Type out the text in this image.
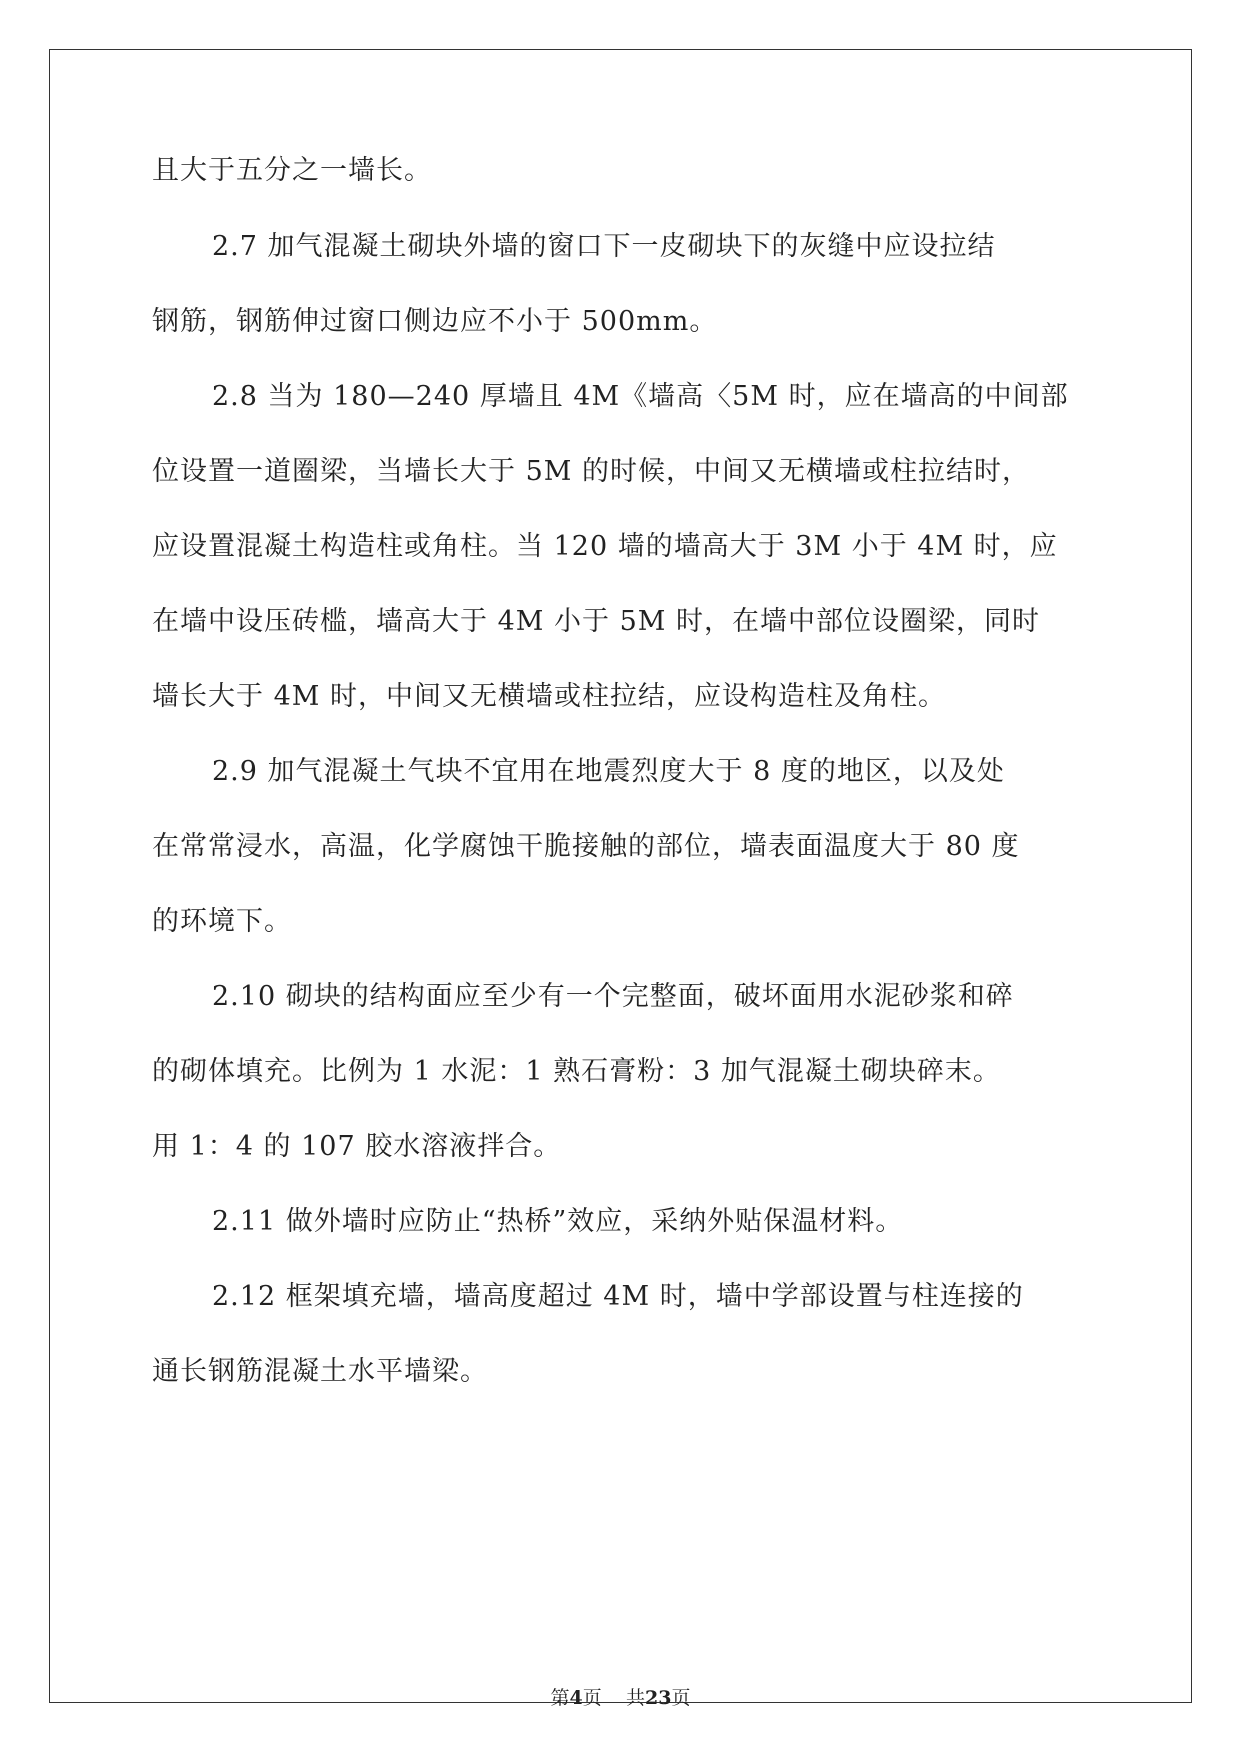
且大于五分之一墙长。
2.7 加气混凝土砌块外墙的窗口下一皮砌块下的灰缝中应设拉结
钢筋，钢筋伸过窗口侧边应不小于 500mm。
2.8 当为 180—240 厚墙且 4M《墙高〈5M 时，应在墙高的中间部
位设置一道圈梁，当墙长大于 5M 的时候，中间又无横墙或柱拉结时，
应设置混凝土构造柱或角柱。当 120 墙的墙高大于 3M 小于 4M 时，应
在墙中设压砖槛，墙高大于 4M 小于 5M 时，在墙中部位设圈梁，同时
墙长大于 4M 时，中间又无横墙或柱拉结，应设构造柱及角柱。
2.9 加气混凝土气块不宜用在地震烈度大于 8 度的地区，以及处
在常常浸水，高温，化学腐蚀干脆接触的部位，墙表面温度大于 80 度
的环境下。
2.10 砌块的结构面应至少有一个完整面，破坏面用水泥砂浆和碎
的砌体填充。比例为 1 水泥：1 熟石膏粉：3 加气混凝土砌块碎末。
用 1：4 的 107 胶水溶液拌合。
2.11 做外墙时应防止“热桥”效应，采纳外贴保温材料。
2.12 框架填充墙，墙高度超过 4M 时，墙中学部设置与柱连接的
通长钢筋混凝土水平墙梁。
第4页 共23页
